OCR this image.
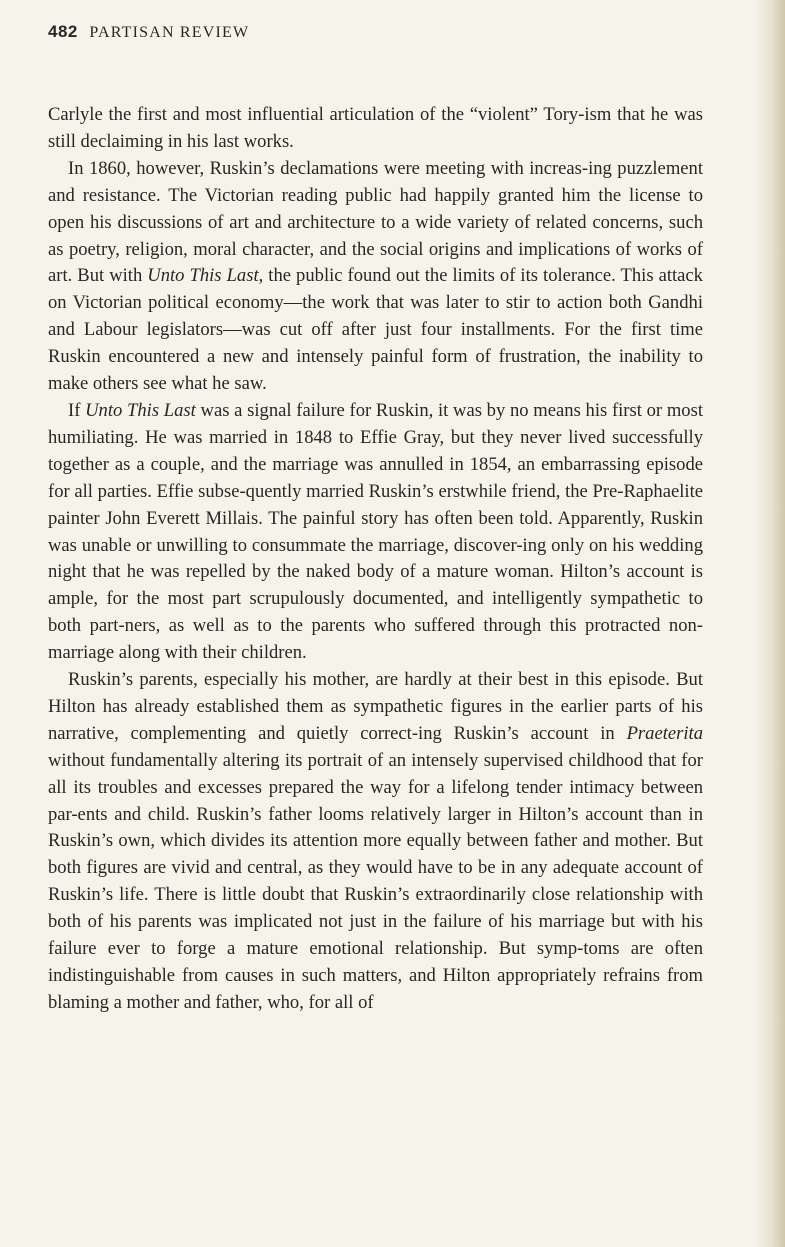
482 PARTISAN REVIEW

Carlyle the first and most influential articulation of the “violent” Tory-ism that he was still declaiming in his last works.

In 1860, however, Ruskin’s declamations were meeting with increas-ing puzzlement and resistance. The Victorian reading public had happily granted him the license to open his discussions of art and architecture to a wide variety of related concerns, such as poetry, religion, moral character, and the social origins and implications of works of art. But with Unto This Last, the public found out the limits of its tolerance. This attack on Victorian political economy—the work that was later to stir to action both Gandhi and Labour legislators—was cut off after just four installments. For the first time Ruskin encountered a new and intensely painful form of frustration, the inability to make others see what he saw.

If Unto This Last was a signal failure for Ruskin, it was by no means his first or most humiliating. He was married in 1848 to Effie Gray, but they never lived successfully together as a couple, and the marriage was annulled in 1854, an embarrassing episode for all parties. Effie subse-quently married Ruskin’s erstwhile friend, the Pre-Raphaelite painter John Everett Millais. The painful story has often been told. Apparently, Ruskin was unable or unwilling to consummate the marriage, discover-ing only on his wedding night that he was repelled by the naked body of a mature woman. Hilton’s account is ample, for the most part scrupulously documented, and intelligently sympathetic to both part-ners, as well as to the parents who suffered through this protracted non-marriage along with their children.

Ruskin’s parents, especially his mother, are hardly at their best in this episode. But Hilton has already established them as sympathetic figures in the earlier parts of his narrative, complementing and quietly correct-ing Ruskin’s account in Praeterita without fundamentally altering its portrait of an intensely supervised childhood that for all its troubles and excesses prepared the way for a lifelong tender intimacy between par-ents and child. Ruskin’s father looms relatively larger in Hilton’s account than in Ruskin’s own, which divides its attention more equally between father and mother. But both figures are vivid and central, as they would have to be in any adequate account of Ruskin’s life. There is little doubt that Ruskin’s extraordinarily close relationship with both of his parents was implicated not just in the failure of his marriage but with his failure ever to forge a mature emotional relationship. But symp-toms are often indistinguishable from causes in such matters, and Hilton appropriately refrains from blaming a mother and father, who, for all of
